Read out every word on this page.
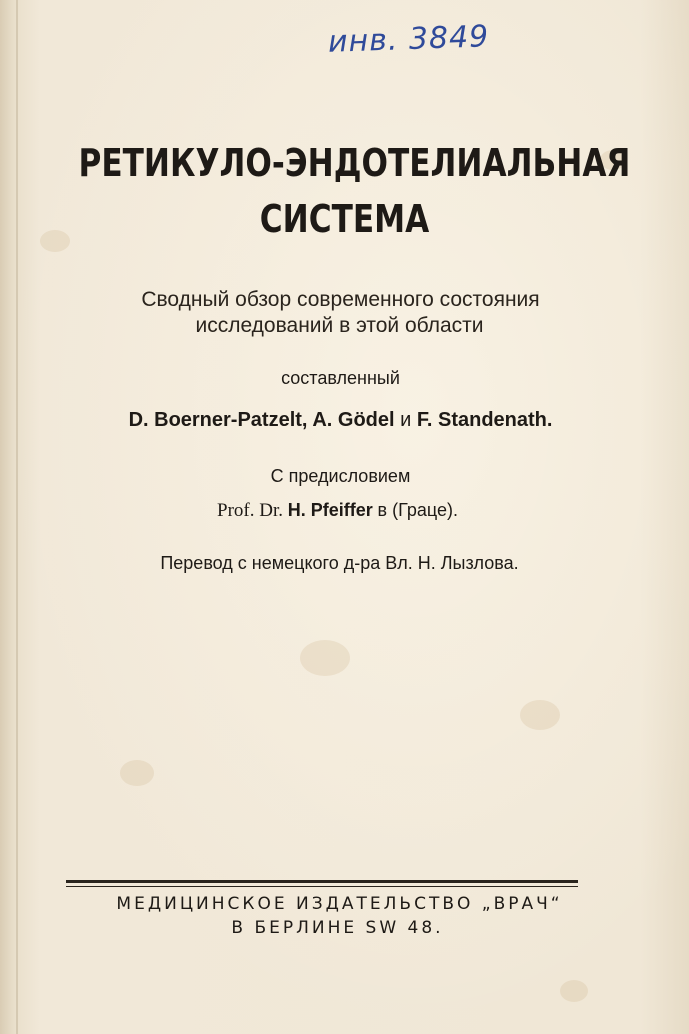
инв. 3849
РЕТИКУЛО-ЭНДОТЕЛИАЛЬНАЯ
СИСТЕМА
Сводный обзор современного состояния
исследований в этой области
составленный
D. Boerner-Patzelt, A. Gödel и F. Standenath.
С предисловием
Prof. Dr. H. Pfeiffer в (Граце).
Перевод с немецкого д-ра Вл. Н. Лызлова.
МЕДИЦИНСКОЕ ИЗДАТЕЛЬСТВО „ВРАЧ“
В БЕРЛИНЕ SW 48.
